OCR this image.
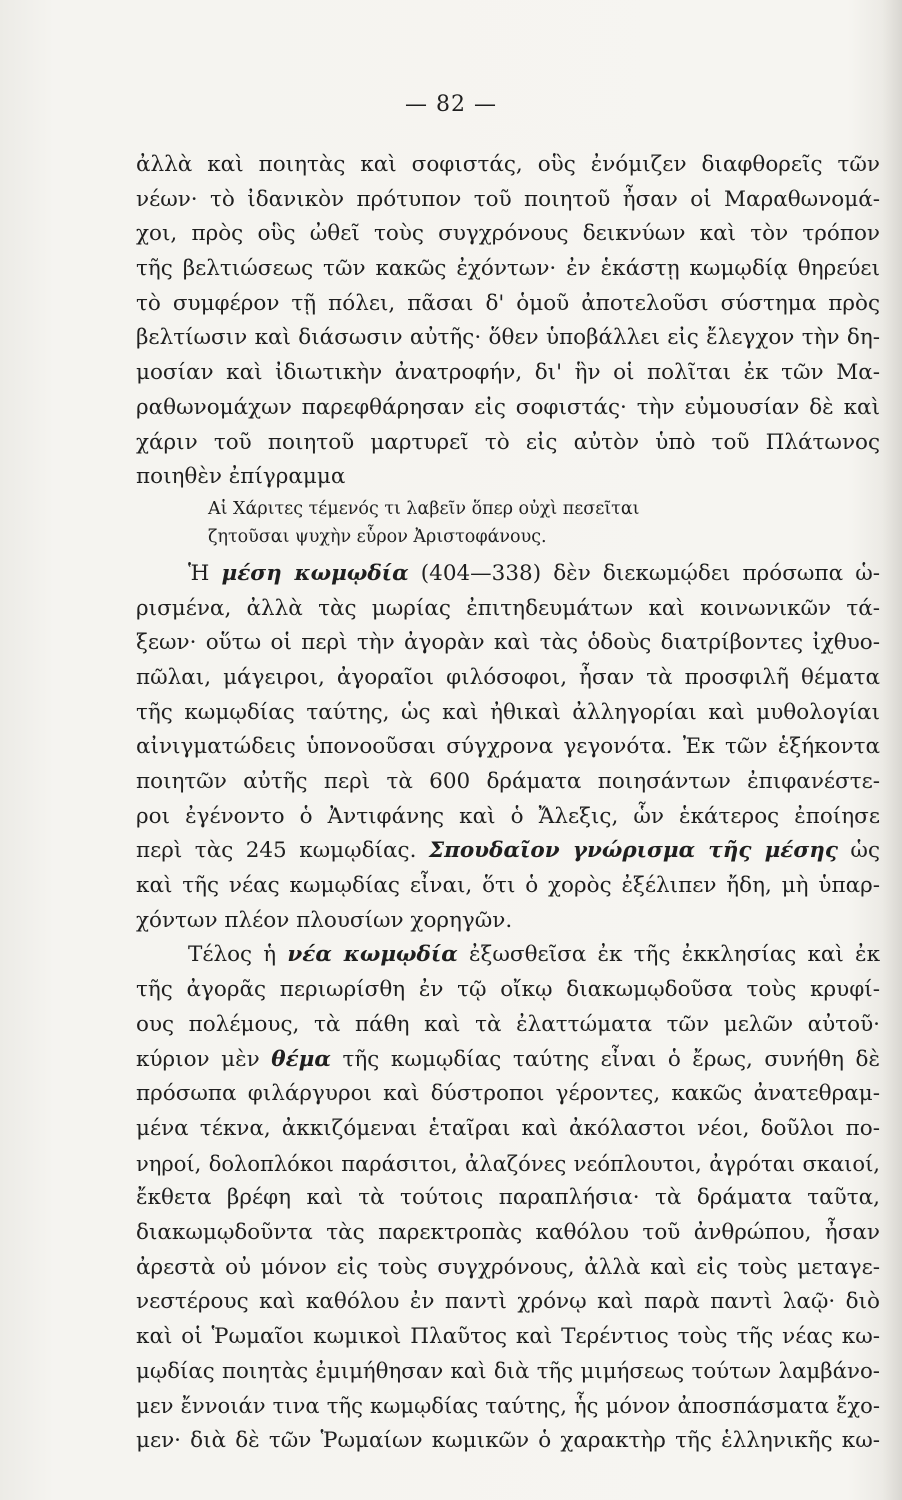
— 82 —
ἀλλὰ καὶ ποιητὰς καὶ σοφιστάς, οὓς ἐνόμιζεν διαφθορεῖς τῶν
νέων· τὸ ἰδανικὸν πρότυπον τοῦ ποιητοῦ ἦσαν οἱ Μαραθωνομά-
χοι, πρὸς οὓς ὠθεῖ τοὺς συγχρόνους δεικνύων καὶ τὸν τρόπον
τῆς βελτιώσεως τῶν κακῶς ἐχόντων· ἐν ἑκάστῃ κωμῳδίᾳ θηρεύει
τὸ συμφέρον τῇ πόλει, πᾶσαι δ' ὁμοῦ ἀποτελοῦσι σύστημα πρὸς
βελτίωσιν καὶ διάσωσιν αὐτῆς· ὅθεν ὑποβάλλει εἰς ἔλεγχον τὴν δη-
μοσίαν καὶ ἰδιωτικὴν ἀνατροφήν, δι' ἣν οἱ πολῖται ἐκ τῶν Μα-
ραθωνομάχων παρεφθάρησαν εἰς σοφιστάς· τὴν εὐμουσίαν δὲ καὶ
χάριν τοῦ ποιητοῦ μαρτυρεῖ τὸ εἰς αὐτὸν ὑπὸ τοῦ Πλάτωνος
ποιηθὲν ἐπίγραμμα
Αἱ Χάριτες τέμενός τι λαβεῖν ὅπερ οὐχὶ πεσεῖται
ζητοῦσαι ψυχὴν εὗρον Ἀριστοφάνους.
Ἡ μέση κωμῳδία (404—338) δὲν διεκωμῴδει πρόσωπα ὡ-
ρισμένα, ἀλλὰ τὰς μωρίας ἐπιτηδευμάτων καὶ κοινωνικῶν τά-
ξεων· οὕτω οἱ περὶ τὴν ἀγορὰν καὶ τὰς ὁδοὺς διατρίβοντες ἰχθυο-
πῶλαι, μάγειροι, ἀγοραῖοι φιλόσοφοι, ἦσαν τὰ προσφιλῆ θέματα
τῆς κωμῳδίας ταύτης, ὡς καὶ ἠθικαὶ ἀλληγορίαι καὶ μυθολογίαι
αἰνιγματώδεις ὑπονοοῦσαι σύγχρονα γεγονότα. Ἐκ τῶν ἑξήκοντα
ποιητῶν αὐτῆς περὶ τὰ 600 δράματα ποιησάντων ἐπιφανέστε-
ροι ἐγένοντο ὁ Ἀντιφάνης καὶ ὁ Ἄλεξις, ὧν ἑκάτερος ἐποίησε
περὶ τὰς 245 κωμῳδίας. Σπουδαῖον γνώρισμα τῆς μέσης ὡς
καὶ τῆς νέας κωμῳδίας εἶναι, ὅτι ὁ χορὸς ἐξέλιπεν ἤδη, μὴ ὑπαρ-
χόντων πλέον πλουσίων χορηγῶν.
Τέλος ἡ νέα κωμῳδία ἐξωσθεῖσα ἐκ τῆς ἐκκλησίας καὶ ἐκ
τῆς ἀγορᾶς περιωρίσθη ἐν τῷ οἴκῳ διακωμῳδοῦσα τοὺς κρυφί-
ους πολέμους, τὰ πάθη καὶ τὰ ἐλαττώματα τῶν μελῶν αὐτοῦ·
κύριον μὲν θέμα τῆς κωμῳδίας ταύτης εἶναι ὁ ἔρως, συνήθη δὲ
πρόσωπα φιλάργυροι καὶ δύστροποι γέροντες, κακῶς ἀνατεθραμ-
μένα τέκνα, ἀκκιζόμεναι ἑταῖραι καὶ ἀκόλαστοι νέοι, δοῦλοι πο-
νηροί, δολοπλόκοι παράσιτοι, ἀλαζόνες νεόπλουτοι, ἀγρόται σκαιοί,
ἔκθετα βρέφη καὶ τὰ τούτοις παραπλήσια· τὰ δράματα ταῦτα,
διακωμῳδοῦντα τὰς παρεκτροπὰς καθόλου τοῦ ἀνθρώπου, ἦσαν
ἀρεστὰ οὐ μόνον εἰς τοὺς συγχρόνους, ἀλλὰ καὶ εἰς τοὺς μεταγε-
νεστέρους καὶ καθόλου ἐν παντὶ χρόνῳ καὶ παρὰ παντὶ λαῷ· διὸ
καὶ οἱ Ῥωμαῖοι κωμικοὶ Πλαῦτος καὶ Τερέντιος τοὺς τῆς νέας κω-
μῳδίας ποιητὰς ἐμιμήθησαν καὶ διὰ τῆς μιμήσεως τούτων λαμβάνο-
μεν ἔννοιάν τινα τῆς κωμῳδίας ταύτης, ἧς μόνον ἀποσπάσματα ἔχο-
μεν· διὰ δὲ τῶν Ῥωμαίων κωμικῶν ὁ χαρακτὴρ τῆς ἑλληνικῆς κω-
